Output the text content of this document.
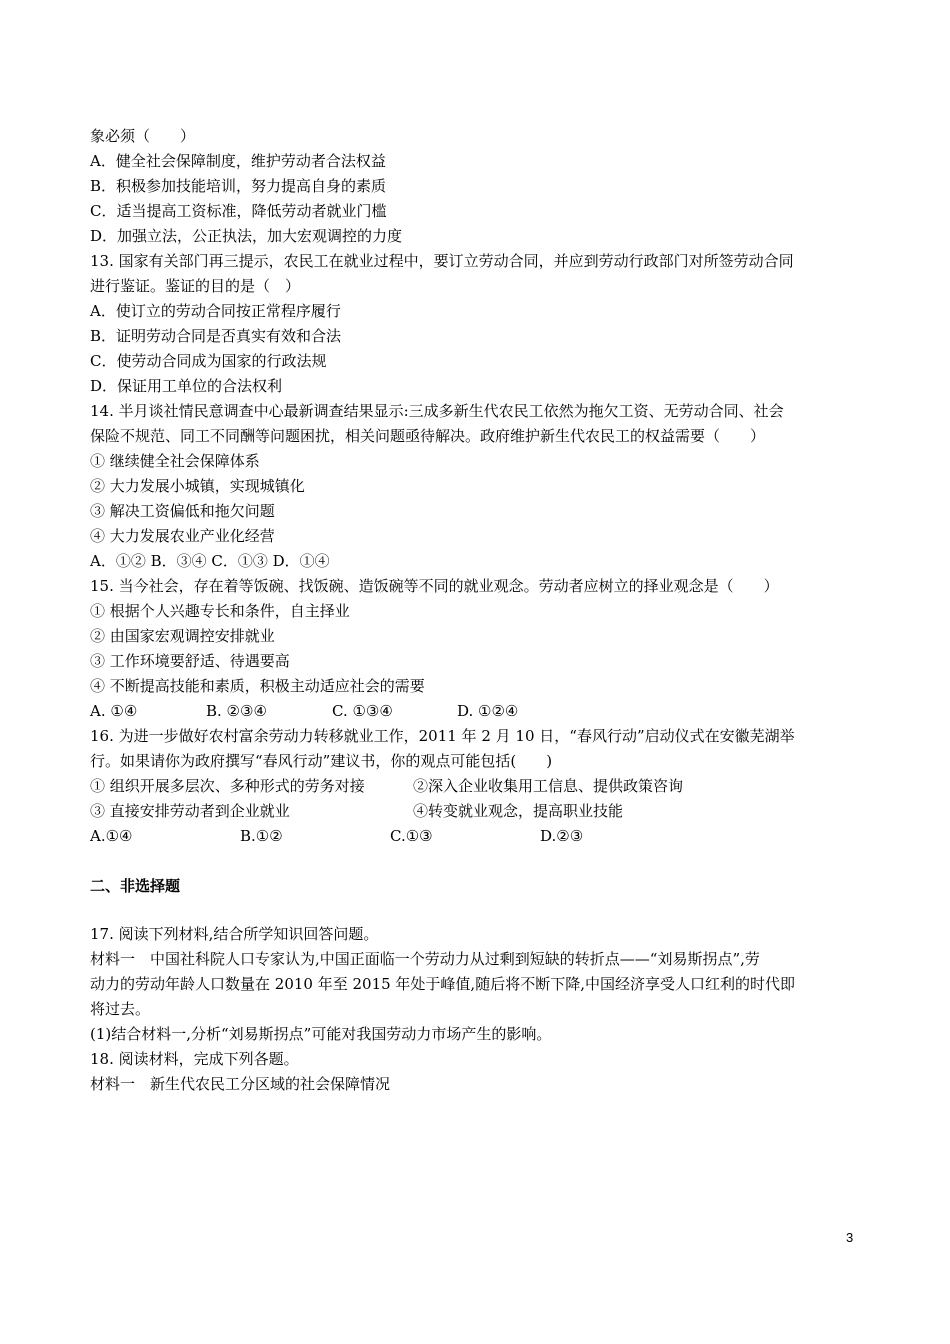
象必须（　　）
A．健全社会保障制度，维护劳动者合法权益
B．积极参加技能培训，努力提高自身的素质
C．适当提高工资标准，降低劳动者就业门槛
D．加强立法，公正执法，加大宏观调控的力度
13. 国家有关部门再三提示，农民工在就业过程中，要订立劳动合同，并应到劳动行政部门对所签劳动合同
进行鉴证。鉴证的目的是（　）
A．使订立的劳动合同按正常程序履行
B．证明劳动合同是否真实有效和合法
C．使劳动合同成为国家的行政法规
D．保证用工单位的合法权利
14. 半月谈社情民意调查中心最新调查结果显示:三成多新生代农民工依然为拖欠工资、无劳动合同、社会
保险不规范、同工不同酬等问题困扰，相关问题亟待解决。政府维护新生代农民工的权益需要（　　）
① 继续健全社会保障体系
② 大力发展小城镇，实现城镇化
③ 解决工资偏低和拖欠问题
④ 大力发展农业产业化经营
A．①② B．③④ C．①③ D．①④
15. 当今社会，存在着等饭碗、找饭碗、造饭碗等不同的就业观念。劳动者应树立的择业观念是（　　）
① 根据个人兴趣专长和条件，自主择业
② 由国家宏观调控安排就业
③ 工作环境要舒适、待遇要高
④ 不断提高技能和素质，积极主动适应社会的需要
A. ①④	B. ②③④	C. ①③④	D. ①②④
16. 为进一步做好农村富余劳动力转移就业工作，2011 年 2 月 10 日，“春风行动”启动仪式在安徽芜湖举
行。如果请你为政府撰写“春风行动”建议书，你的观点可能包括(　　)
① 组织开展多层次、多种形式的劳务对接	②深入企业收集用工信息、提供政策咨询
③ 直接安排劳动者到企业就业	④转变就业观念，提高职业技能
A.①④	B.①②	C.①③	D.②③
二、非选择题
17. 阅读下列材料,结合所学知识回答问题。
材料一　中国社科院人口专家认为,中国正面临一个劳动力从过剩到短缺的转折点——“刘易斯拐点”,劳
动力的劳动年龄人口数量在 2010 年至 2015 年处于峰值,随后将不断下降,中国经济享受人口红利的时代即
将过去。
(1)结合材料一,分析“刘易斯拐点”可能对我国劳动力市场产生的影响。
18. 阅读材料，完成下列各题。
材料一　新生代农民工分区域的社会保障情况
3
